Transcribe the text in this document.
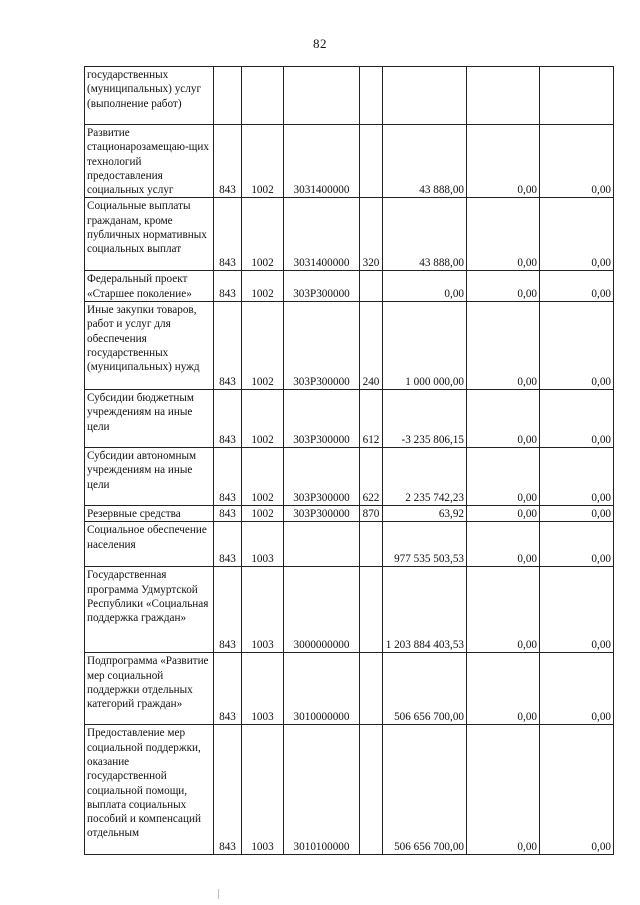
82
государственных (муниципальных) услуг (выполнение работ)							
Развитие стационарозамещаю-щих технологий предоставления социальных услуг	843	1002	3031400000		43 888,00	0,00	0,00
Социальные выплаты гражданам, кроме публичных нормативных социальных выплат	843	1002	3031400000	320	43 888,00	0,00	0,00
Федеральный проект «Старшее поколение»	843	1002	303P300000		0,00	0,00	0,00
Иные закупки товаров, работ и услуг для обеспечения государственных (муниципальных) нужд	843	1002	303P300000	240	1 000 000,00	0,00	0,00
Субсидии бюджетным учреждениям на иные цели	843	1002	303P300000	612	-3 235 806,15	0,00	0,00
Субсидии автономным учреждениям на иные цели	843	1002	303P300000	622	2 235 742,23	0,00	0,00
Резервные средства	843	1002	303P300000	870	63,92	0,00	0,00
Социальное обеспечение населения	843	1003			977 535 503,53	0,00	0,00
Государственная программа Удмуртской Республики «Социальная поддержка граждан»	843	1003	3000000000		1 203 884 403,53	0,00	0,00
Подпрограмма «Развитие мер социальной поддержки отдельных категорий граждан»	843	1003	3010000000		506 656 700,00	0,00	0,00
Предоставление мер социальной поддержки, оказание государственной социальной помощи, выплата социальных пособий и компенсаций отдельным	843	1003	3010100000		506 656 700,00	0,00	0,00
